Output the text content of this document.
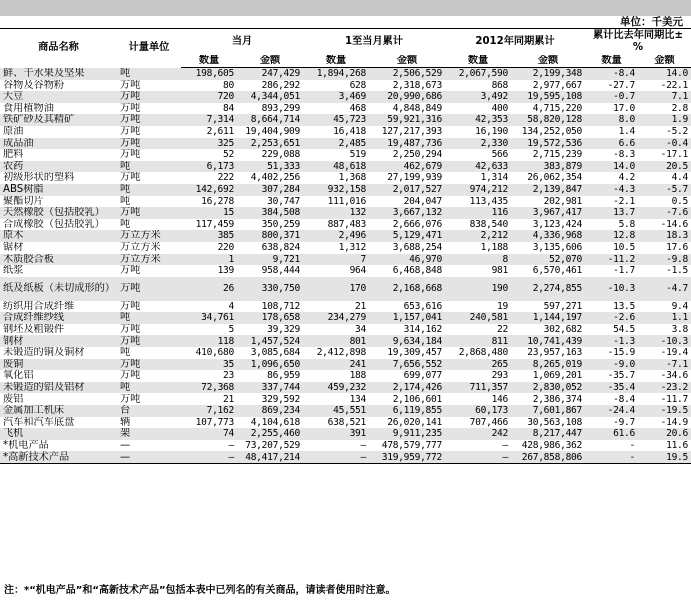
单位：千美元
商品名称	计量单位	当月		1至当月累计		2012年同期累计		累计比去年同期比±%	
		数量	金额	数量	金额	数量	金额	数量	金额
鲜、干水果及坚果	吨	198,605	247,429	1,894,268	2,506,529	2,067,590	2,199,348	-8.4	14.0
谷物及谷物粉	万吨	80	286,292	628	2,318,673	868	2,977,667	-27.7	-22.1
大豆	万吨	720	4,344,051	3,469	20,990,686	3,492	19,595,108	-0.7	7.1
食用植物油	万吨	84	893,299	468	4,848,849	400	4,715,220	17.0	2.8
铁矿砂及其精矿	万吨	7,314	8,664,714	45,723	59,921,316	42,353	58,820,128	8.0	1.9
原油	万吨	2,611	19,404,909	16,418	127,217,393	16,190	134,252,050	1.4	-5.2
成品油	万吨	325	2,253,651	2,485	19,487,736	2,330	19,572,536	6.6	-0.4
肥料	万吨	52	229,088	519	2,250,294	566	2,715,239	-8.3	-17.1
农药	吨	6,173	51,333	48,618	462,679	42,633	383,879	14.0	20.5
初级形状的塑料	万吨	222	4,402,256	1,368	27,199,939	1,314	26,062,354	4.2	4.4
ABS树脂	吨	142,692	307,284	932,158	2,017,527	974,212	2,139,847	-4.3	-5.7
聚酯切片	吨	16,278	30,747	111,016	204,047	113,435	202,981	-2.1	0.5
天然橡胶（包括胶乳）	万吨	15	384,508	132	3,667,132	116	3,967,417	13.7	-7.6
合成橡胶（包括胶乳）	吨	117,459	350,259	887,483	2,666,076	838,540	3,123,424	5.8	-14.6
原木	万立方米	385	800,371	2,496	5,129,471	2,212	4,336,968	12.8	18.3
锯材	万立方米	220	638,824	1,312	3,688,254	1,188	3,135,606	10.5	17.6
木质胶合板	万立方米	1	9,721	7	46,970	8	52,070	-11.2	-9.8
纸浆	万吨	139	958,444	964	6,468,848	981	6,570,461	-1.7	-1.5
纸及纸板（未切成形的）	万吨	26	330,750	170	2,168,668	190	2,274,855	-10.3	-4.7
纺织用合成纤维	万吨	4	108,712	21	653,616	19	597,271	13.5	9.4
合成纤维纱线	吨	34,761	178,658	234,279	1,157,041	240,581	1,144,197	-2.6	1.1
钢坯及粗锻件	万吨	5	39,329	34	314,162	22	302,682	54.5	3.8
钢材	万吨	118	1,457,524	801	9,634,184	811	10,741,439	-1.3	-10.3
未锻造的铜及铜材	吨	410,680	3,085,684	2,412,898	19,309,457	2,868,480	23,957,163	-15.9	-19.4
废铜	万吨	35	1,096,650	241	7,656,552	265	8,265,019	-9.0	-7.1
氧化铝	万吨	23	86,959	188	699,077	293	1,069,201	-35.7	-34.6
未锻造的铝及铝材	吨	72,368	337,744	459,232	2,174,426	711,357	2,830,052	-35.4	-23.2
废铝	万吨	21	329,592	134	2,106,601	146	2,386,374	-8.4	-11.7
金属加工机床	台	7,162	869,234	45,551	6,119,855	60,173	7,601,867	-24.4	-19.5
汽车和汽车底盘	辆	107,773	4,104,618	638,521	26,020,141	707,466	30,563,108	-9.7	-14.9
飞机	架	74	2,255,460	391	9,911,235	242	8,217,447	61.6	20.6
*机电产品	—	—	73,207,529	—	478,579,777	—	428,986,362	-	11.6
*高新技术产品	—	—	48,417,214	—	319,959,772	—	267,858,806	-	19.5
注：*“机电产品”和“高新技术产品”包括本表中已列名的有关商品，请读者使用时注意。
